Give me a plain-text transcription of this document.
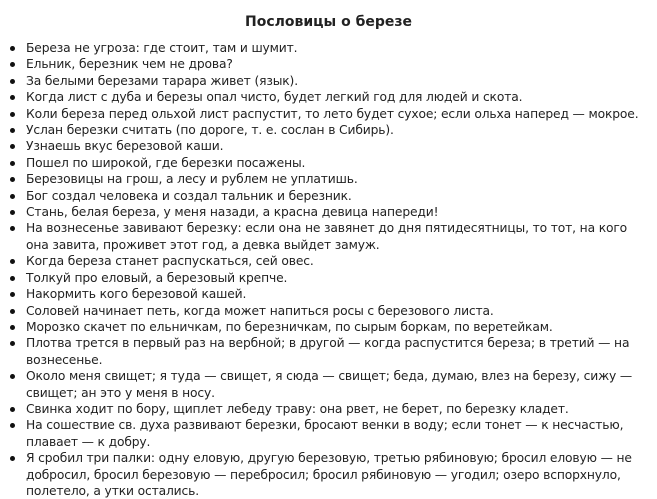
Пословицы о березе
Береза не угроза: где стоит, там и шумит.
Ельник, березник чем не дрова?
За белыми березами тарара живет (язык).
Когда лист с дуба и березы опал чисто, будет легкий год для людей и скота.
Коли береза перед ольхой лист распустит, то лето будет сухое; если ольха наперед — мокрое.
Услан березки считать (по дороге, т. е. сослан в Сибирь).
Узнаешь вкус березовой каши.
Пошел по широкой, где березки посажены.
Березовицы на грош, а лесу и рублем не уплатишь.
Бог создал человека и создал тальник и березник.
Стань, белая береза, у меня назади, а красна девица напереди!
На вознесенье завивают березку: если она не завянет до дня пятидесятницы, то тот, на кого она завита, проживет этот год, а девка выйдет замуж.
Когда береза станет распускаться, сей овес.
Толкуй про еловый, а березовый крепче.
Накормить кого березовой кашей.
Соловей начинает петь, когда может напиться росы с березового листа.
Морозко скачет по ельничкам, по березничкам, по сырым боркам, по веретейкам.
Плотва трется в первый раз на вербной; в другой — когда распустится береза; в третий — на вознесенье.
Около меня свищет; я туда — свищет, я сюда — свищет; беда, думаю, влез на березу, сижу — свищет; ан это у меня в носу.
Свинка ходит по бору, щиплет лебеду траву: она рвет, не берет, по березку кладет.
На сошествие св. духа развивают березки, бросают венки в воду; если тонет — к несчастью, плавает — к добру.
Я сробил три палки: одну еловую, другую березовую, третью рябиновую; бросил еловую — не добросил, бросил березовую — перебросил; бросил рябиновую — угодил; озеро вспорхнуло, полетело, а утки остались.
